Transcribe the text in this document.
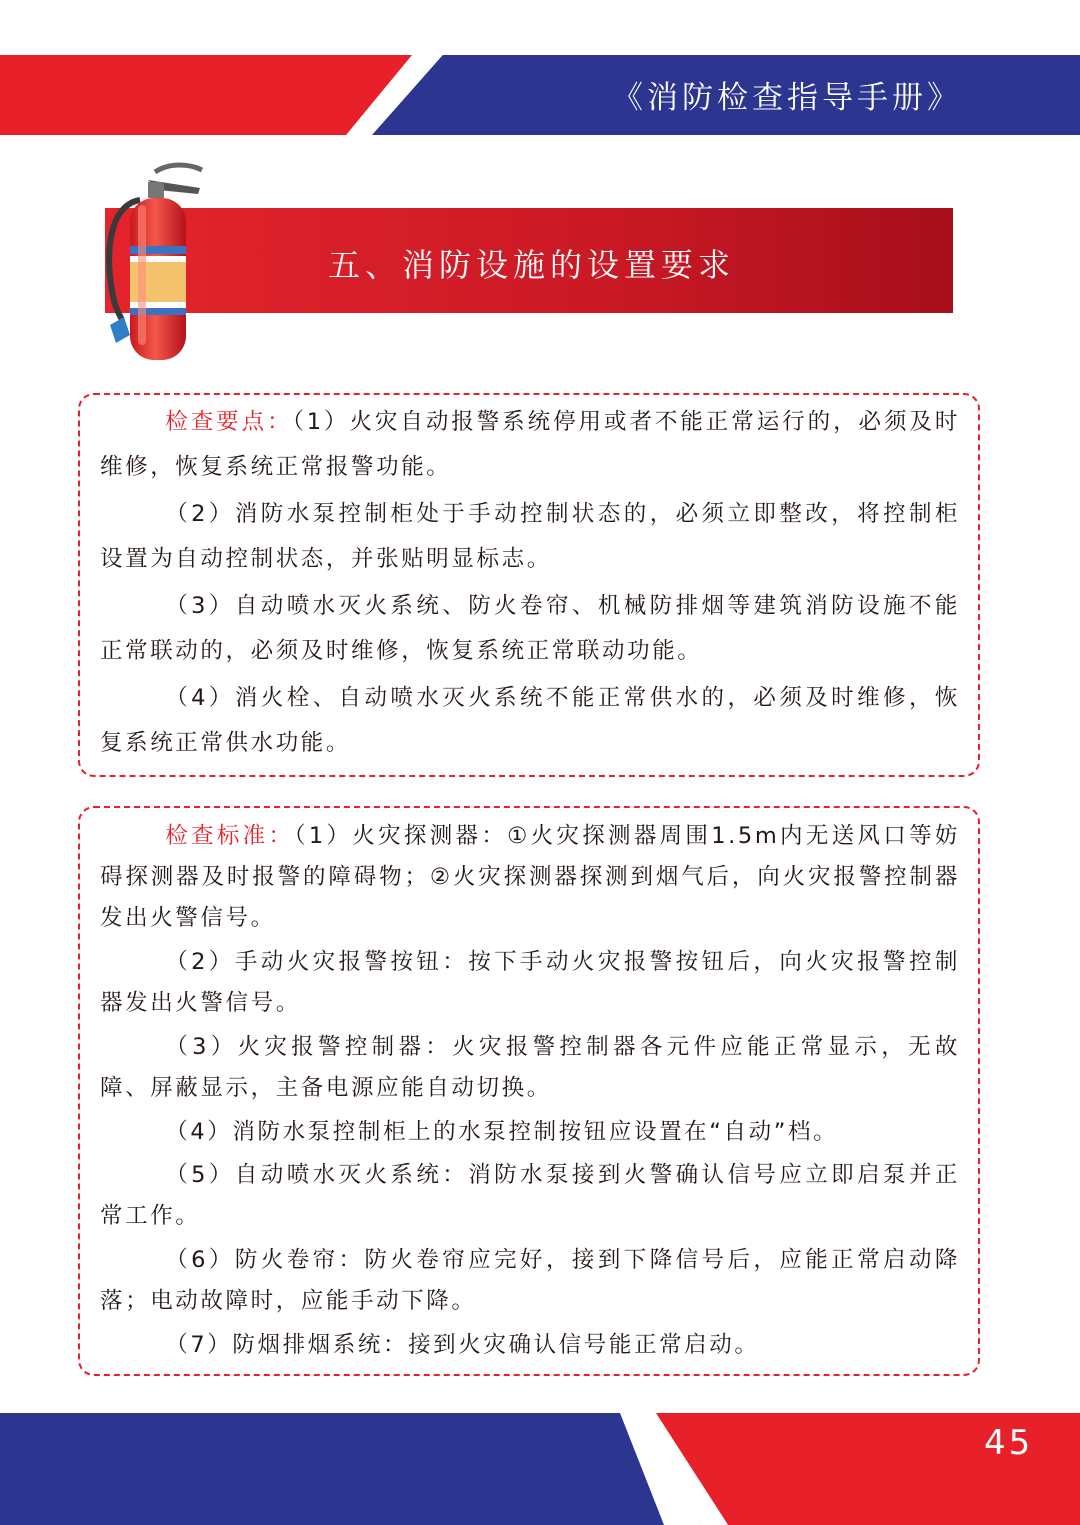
《消防检查指导手册》
五、消防设施的设置要求

检查要点：（1）火灾自动报警系统停用或者不能正常运行的，必须及时维修，恢复系统正常报警功能。

（2）消防水泵控制柜处于手动控制状态的，必须立即整改，将控制柜设置为自动控制状态，并张贴明显标志。

（3）自动喷水灭火系统、防火卷帘、机械防排烟等建筑消防设施不能正常联动的，必须及时维修，恢复系统正常联动功能。

（4）消火栓、自动喷水灭火系统不能正常供水的，必须及时维修，恢复系统正常供水功能。

检查标准：（1）火灾探测器：①火灾探测器周围1.5m内无送风口等妨碍探测器及时报警的障碍物；②火灾探测器探测到烟气后，向火灾报警控制器发出火警信号。

（2）手动火灾报警按钮：按下手动火灾报警按钮后，向火灾报警控制器发出火警信号。

（3）火灾报警控制器：火灾报警控制器各元件应能正常显示，无故障、屏蔽显示，主备电源应能自动切换。

（4）消防水泵控制柜上的水泵控制按钮应设置在“自动”档。

（5）自动喷水灭火系统：消防水泵接到火警确认信号应立即启泵并正常工作。

（6）防火卷帘：防火卷帘应完好，接到下降信号后，应能正常启动降落；电动故障时，应能手动下降。

（7）防烟排烟系统：接到火灾确认信号能正常启动。
